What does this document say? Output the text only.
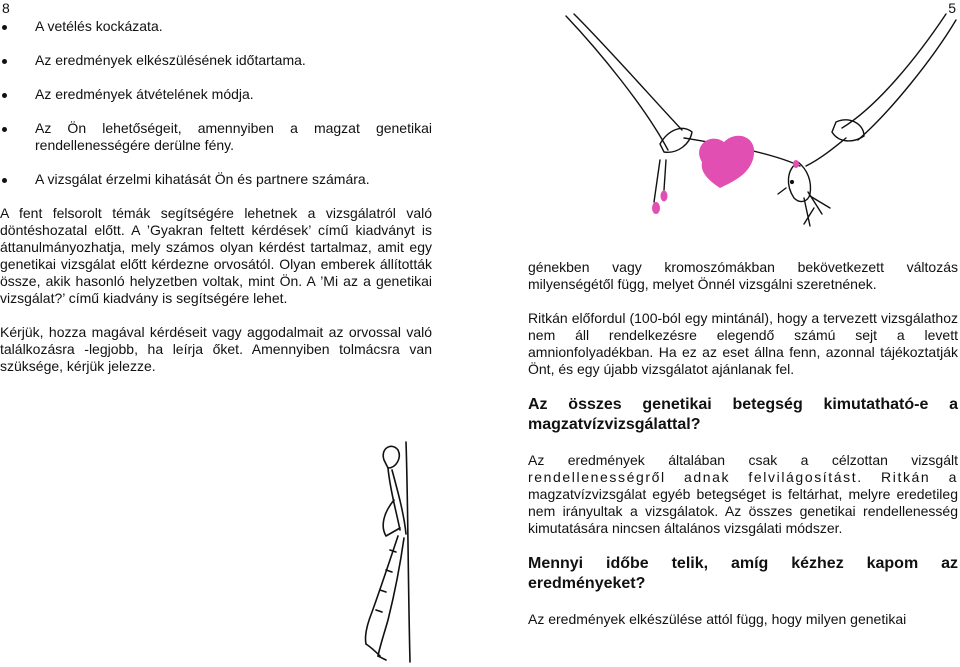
8	5
A vetélés kockázata.
Az eredmények elkészülésének időtartama.
Az eredmények átvételének módja.
Az Ön lehetőségeit, amennyiben a magzat genetikai rendellenességére derülne fény.
A vizsgálat érzelmi kihatását Ön és partnere számára.

A fent felsorolt témák segítségére lehetnek a vizsgálatról való döntéshozatal előtt. A ’Gyakran feltett kérdések’ című kiadványt is áttanulmányozhatja, mely számos olyan kérdést tartalmaz, amit egy genetikai vizsgálat előtt kérdezne orvosától. Olyan emberek állították össze, akik hasonló helyzetben voltak, mint Ön. A ’Mi az a genetikai vizsgálat?’ című kiadvány is segítségére lehet.

Kérjük, hozza magával kérdéseit vagy aggodalmait az orvossal való találkozásra -legjobb, ha leírja őket. Amennyiben tolmácsra van szüksége, kérjük jelezze.

génekben vagy kromoszómákban bekövetkezett változás milyenségétől függ, melyet Önnél vizsgálni szeretnének.

Ritkán előfordul (100-ból egy mintánál), hogy a tervezett vizsgálathoz nem áll rendelkezésre elegendő számú sejt a levett amnionfolyadékban. Ha ez az eset állna fenn, azonnal tájékoztatják Önt, és egy újabb vizsgálatot ajánlanak fel.

Az összes genetikai betegség kimutatható-e a magzatvízvizsgálattal?

Az eredmények általában csak a célzottan vizsgált rendellenességről adnak felvilágosítást. Ritkán a magzatvízvizsgálat egyéb betegséget is feltárhat, melyre eredetileg nem irányultak a vizsgálatok. Az összes genetikai rendellenesség kimutatására nincsen általános vizsgálati módszer.

Mennyi időbe telik, amíg kézhez kapom az eredményeket?

Az eredmények elkészülése attól függ, hogy milyen genetikai
